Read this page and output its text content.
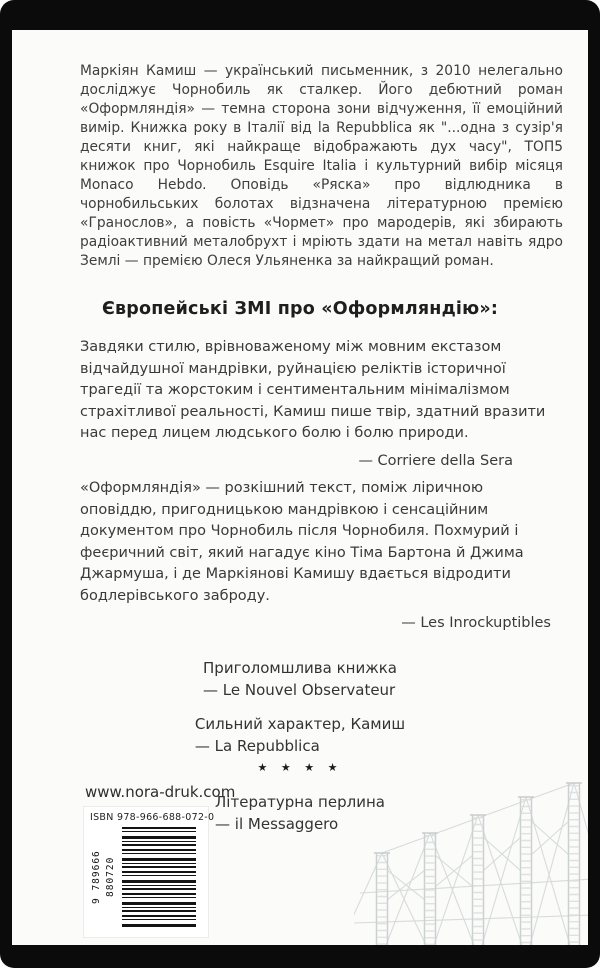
Маркіян Камиш — український письменник, з 2010 нелегально досліджує Чорнобиль як сталкер. Його дебютний роман «Оформляндія» — темна сторона зони відчуження, її емоційний вимір. Книжка року в Італії від la Repubblica як "...одна з сузір'я десяти книг, які найкраще відображають дух часу", ТОП5 книжок про Чорнобиль Esquire Italia і культурний вибір місяця Monaco Hebdo. Оповідь «Ряска» про відлюдника в чорнобильських болотах відзначена літературною премією «Гранослов», а повість «Чормет» про мародерів, які збирають радіоактивний металобрухт і мріють здати на метал навіть ядро Землі — премією Олеся Ульяненка за найкращий роман.

Європейські ЗМІ про «Оформляндію»:

Завдяки стилю, врівноваженому між мовним екстазом відчайдушної мандрівки, руйнацією реліктів історичної трагедії та жорстоким і сентиментальним мінімалізмом страхітливої реальності, Камиш пише твір, здатний вразити нас перед лицем людського болю і болю природи.

— Corriere della Sera

«Оформляндія» — розкішний текст, поміж ліричною оповіддю, пригодницькою мандрівкою і сенсаційним документом про Чорнобиль після Чорнобиля. Похмурий і феєричний світ, який нагадує кіно Тіма Бартона й Джима Джармуша, і де Маркіянові Камишу вдається відродити бодлерівського заброду.

— Les Inrockuptibles

Приголомшлива книжка

— Le Nouvel Observateur

Сильний характер, Камиш

— La Repubblica

★ ★ ★ ★

Літературна перлина

— il Messaggero

www.nora-druk.com

ISBN 978-966-688-072-0

9 789666 880720
